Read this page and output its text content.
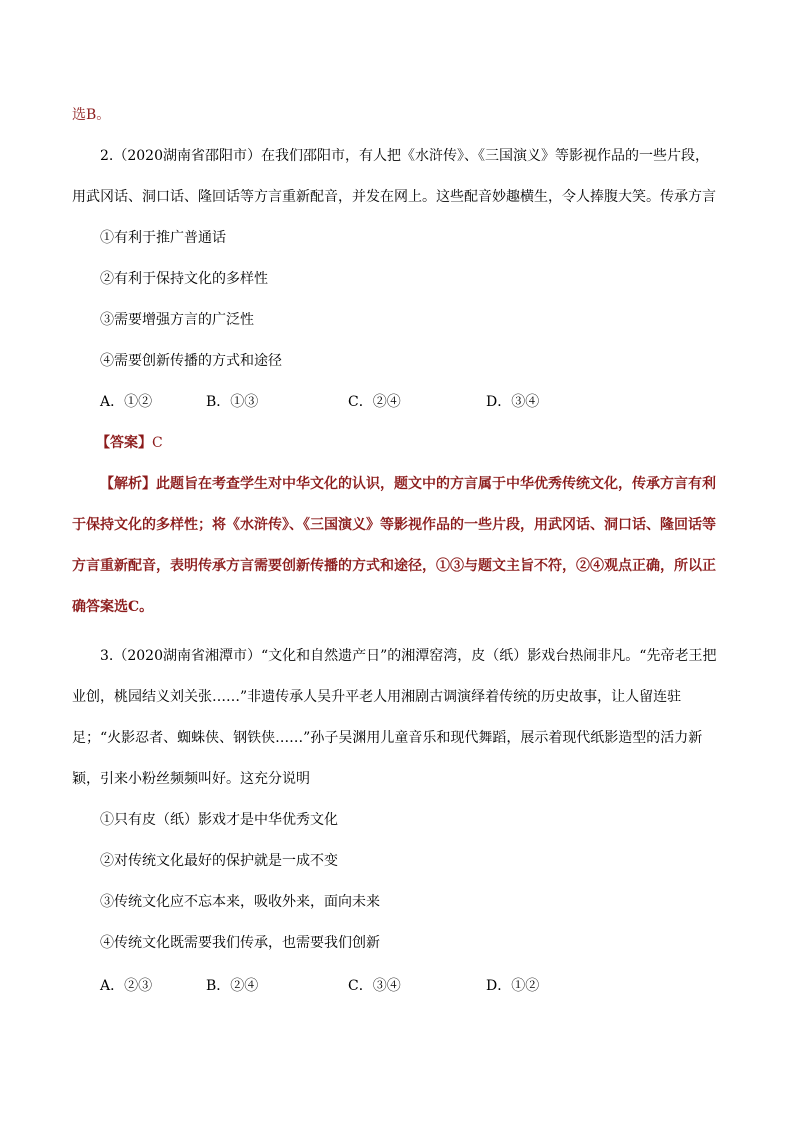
选B。

2.（2020湖南省邵阳市）在我们邵阳市，有人把《水浒传》、《三国演义》等影视作品的一些片段，用武冈话、洞口话、隆回话等方言重新配音，并发在网上。这些配音妙趣横生，令人捧腹大笑。传承方言

①有利于推广普通话

②有利于保持文化的多样性

③需要增强方言的广泛性

④需要创新传播的方式和途径

A．①②	B．①③	C．②④	D．③④

【答案】C

【解析】此题旨在考查学生对中华文化的认识，题文中的方言属于中华优秀传统文化，传承方言有利于保持文化的多样性；将《水浒传》、《三国演义》等影视作品的一些片段，用武冈话、洞口话、隆回话等方言重新配音，表明传承方言需要创新传播的方式和途径，①③与题文主旨不符，②④观点正确，所以正确答案选C。

3.（2020湖南省湘潭市）“文化和自然遗产日”的湘潭窑湾，皮（纸）影戏台热闹非凡。“先帝老王把业创，桃园结义刘关张……”非遗传承人吴升平老人用湘剧古调演绎着传统的历史故事，让人留连驻足；“火影忍者、蜘蛛侠、钢铁侠……”孙子吴渊用儿童音乐和现代舞蹈，展示着现代纸影造型的活力新颖，引来小粉丝频频叫好。这充分说明

①只有皮（纸）影戏才是中华优秀文化

②对传统文化最好的保护就是一成不变

③传统文化应不忘本来，吸收外来，面向未来

④传统文化既需要我们传承，也需要我们创新

A．②③	B．②④	C．③④	D．①②
